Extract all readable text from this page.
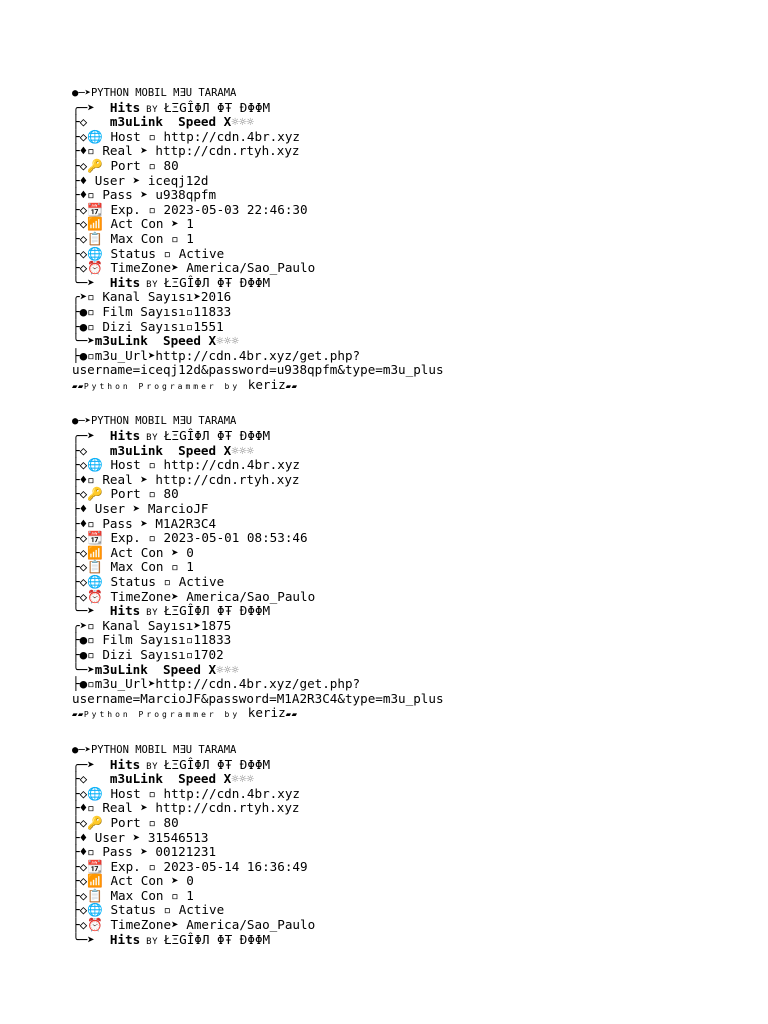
●─➤PYTHON MOBIL MƎU TARAMA
╭─➤  Hits BY ŁΞGÎΦЛ ΦŦ ÐΦΦМ
├◇   m3uLink  Speed X☼☼☼
├◇🌐 Host ▫ http://cdn.4br.xyz
├♦▫ Real ➤ http://cdn.rtyh.xyz
├◇🔑 Port ▫ 80
├♦ User ➤ iceqj12d
├♦▫ Pass ➤ u938qpfm
├◇📆 Exp. ▫ 2023-05-03 22:46:30
├◇📶 Act Con ➤ 1
├◇📋 Max Con ▫ 1
├◇🌐 Status ▫ Active
├◇⏰ TimeZone➤ America/Sao_Paulo
╰─➤  Hits BY ŁΞGÎΦЛ ΦŦ ÐΦΦМ
╭➤▫ Kanal Sayısı➤2016
├●▫ Film Sayısı▫11833
├●▫ Dizi Sayısı▫1551
╰─➤m3uLink  Speed X☼☼☼
├●▫m3u_Url➤http://cdn.4br.xyz/get.php?
username=iceqj12d&password=u938qpfm&type=m3u_plus
▰▰Python Programmer by keriz▰▰
●─➤PYTHON MOBIL MƎU TARAMA
╭─➤  Hits BY ŁΞGÎΦЛ ΦŦ ÐΦΦМ
├◇   m3uLink  Speed X☼☼☼
├◇🌐 Host ▫ http://cdn.4br.xyz
├♦▫ Real ➤ http://cdn.rtyh.xyz
├◇🔑 Port ▫ 80
├♦ User ➤ MarcioJF
├♦▫ Pass ➤ M1A2R3C4
├◇📆 Exp. ▫ 2023-05-01 08:53:46
├◇📶 Act Con ➤ 0
├◇📋 Max Con ▫ 1
├◇🌐 Status ▫ Active
├◇⏰ TimeZone➤ America/Sao_Paulo
╰─➤  Hits BY ŁΞGÎΦЛ ΦŦ ÐΦΦМ
╭➤▫ Kanal Sayısı➤1875
├●▫ Film Sayısı▫11833
├●▫ Dizi Sayısı▫1702
╰─➤m3uLink  Speed X☼☼☼
├●▫m3u_Url➤http://cdn.4br.xyz/get.php?
username=MarcioJF&password=M1A2R3C4&type=m3u_plus
▰▰Python Programmer by keriz▰▰
●─➤PYTHON MOBIL MƎU TARAMA
╭─➤  Hits BY ŁΞGÎΦЛ ΦŦ ÐΦΦМ
├◇   m3uLink  Speed X☼☼☼
├◇🌐 Host ▫ http://cdn.4br.xyz
├♦▫ Real ➤ http://cdn.rtyh.xyz
├◇🔑 Port ▫ 80
├♦ User ➤ 31546513
├♦▫ Pass ➤ 00121231
├◇📆 Exp. ▫ 2023-05-14 16:36:49
├◇📶 Act Con ➤ 0
├◇📋 Max Con ▫ 1
├◇🌐 Status ▫ Active
├◇⏰ TimeZone➤ America/Sao_Paulo
╰─➤  Hits BY ŁΞGÎΦЛ ΦŦ ÐΦΦМ
